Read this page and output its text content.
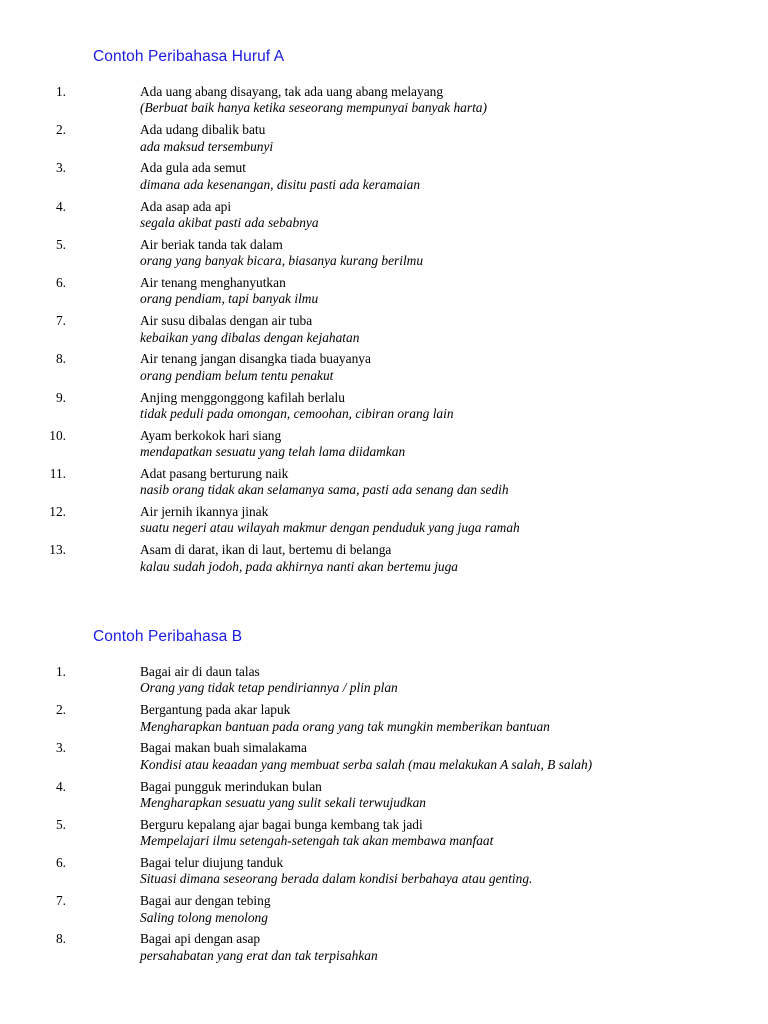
Contoh Peribahasa Huruf A
1.	Ada uang abang disayang, tak ada uang abang melayang
(Berbuat baik hanya ketika seseorang mempunyai banyak harta)
2.	Ada udang dibalik batu
ada maksud tersembunyi
3.	Ada gula ada semut
dimana ada kesenangan, disitu pasti ada keramaian
4.	Ada asap ada api
segala akibat pasti ada sebabnya
5.	Air beriak tanda tak dalam
orang yang banyak bicara, biasanya kurang berilmu
6.	Air tenang menghanyutkan
orang pendiam, tapi banyak ilmu
7.	Air susu dibalas dengan air tuba
kebaikan yang dibalas dengan kejahatan
8.	Air tenang jangan disangka tiada buayanya
orang pendiam belum tentu penakut
9.	Anjing menggonggong kafilah berlalu
tidak peduli pada omongan, cemoohan, cibiran orang lain
10.	Ayam berkokok hari siang
mendapatkan sesuatu yang telah lama diidamkan
11.	Adat pasang berturung naik
nasib orang tidak akan selamanya sama, pasti ada senang dan sedih
12.	Air jernih ikannya jinak
suatu negeri atau wilayah makmur dengan penduduk yang juga ramah
13.	Asam di darat, ikan di laut, bertemu di belanga
kalau sudah jodoh, pada akhirnya nanti akan bertemu juga
Contoh Peribahasa B
1.	Bagai air di daun talas
Orang yang tidak tetap pendiriannya / plin plan
2.	Bergantung pada akar lapuk
Mengharapkan bantuan pada orang yang tak mungkin memberikan bantuan
3.	Bagai makan buah simalakama
Kondisi atau keaadan yang membuat serba salah (mau melakukan A salah, B salah)
4.	Bagai pungguk merindukan bulan
Mengharapkan sesuatu yang sulit sekali terwujudkan
5.	Berguru kepalang ajar bagai bunga kembang tak jadi
Mempelajari ilmu setengah-setengah tak akan membawa manfaat
6.	Bagai telur diujung tanduk
Situasi dimana seseorang berada dalam kondisi berbahaya atau genting.
7.	Bagai aur dengan tebing
Saling tolong menolong
8.	Bagai api dengan asap
persahabatan yang erat dan tak terpisahkan
